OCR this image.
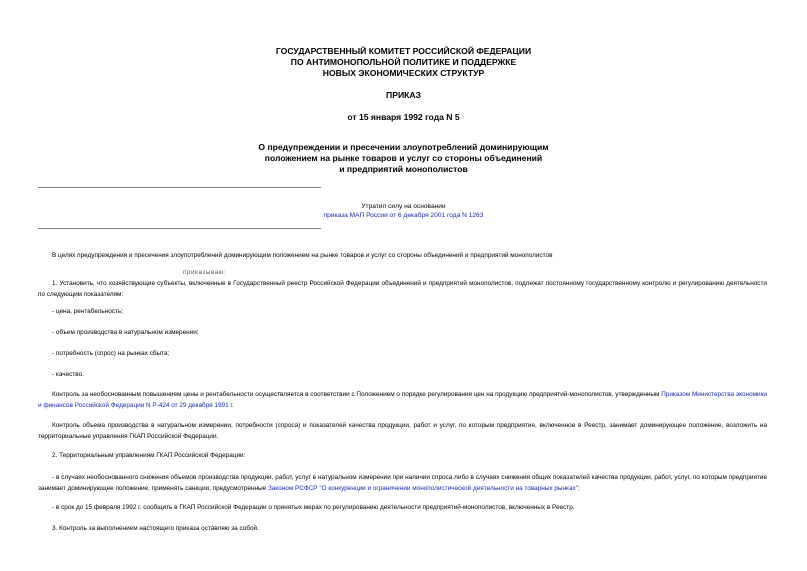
ГОСУДАРСТВЕННЫЙ КОМИТЕТ РОССИЙСКОЙ ФЕДЕРАЦИИ
ПО АНТИМОНОПОЛЬНОЙ ПОЛИТИКЕ И ПОДДЕРЖКЕ
НОВЫХ ЭКОНОМИЧЕСКИХ СТРУКТУР
ПРИКАЗ
от 15 января 1992 года N 5
О предупреждении и пресечении злоупотреблений доминирующим
положением на рынке товаров и услуг со стороны объединений
и предприятий монополистов
Утратил силу на основании
приказа МАП России от 6 декабря 2001 года N 1263
В целях предупреждения и пресечения злоупотреблений доминирующим положением на рынке товаров и услуг со стороны объединений и предприятий монополистов
приказываю:
1. Установить, что хозяйствующие субъекты, включенные в Государственный реестр Российской Федерации объединений и предприятий монополистов, подлежат постоянному государственному контролю и регулированию деятельности по следующим показателям:
- цена, рентабельность;
- объем производства в натуральном измерении;
- потребность (спрос) на рынках сбыта;
- качество.
Контроль за необоснованным повышением цены и рентабельности осуществляется в соответствии с Положением о порядке регулирования цен на продукцию предприятий-монополистов, утвержденным Приказом Министерства экономики и финансов Российской Федерации N Р-424 от 29 декабря 1991 г.
Контроль объема производства в натуральном измерении, потребности (спроса) и показателей качества продукции, работ и услуг, по которым предприятие, включенное в Реестр, занимает доминирующее положение, возложить на территориальные управления ГКАП Российской Федерации.
2. Территориальным управлениям ГКАП Российской Федерации:
- в случаях необоснованного снижения объемов производства продукции, работ, услуг в натуральном измерении при наличии спроса либо в случаях снижения общих показателей качества продукции, работ, услуг, по которым предприятие занимает доминирующее положение, применять санкции, предусмотренные Законом РСФСР "О конкуренции и ограничении монополистической деятельности на товарных рынках";
- в срок до 15 февраля 1992 г. сообщить в ГКАП Российской Федерации о принятых мерах по регулированию деятельности предприятий-монополистов, включенных в Реестр.
3. Контроль за выполнением настоящего приказа оставляю за собой.
